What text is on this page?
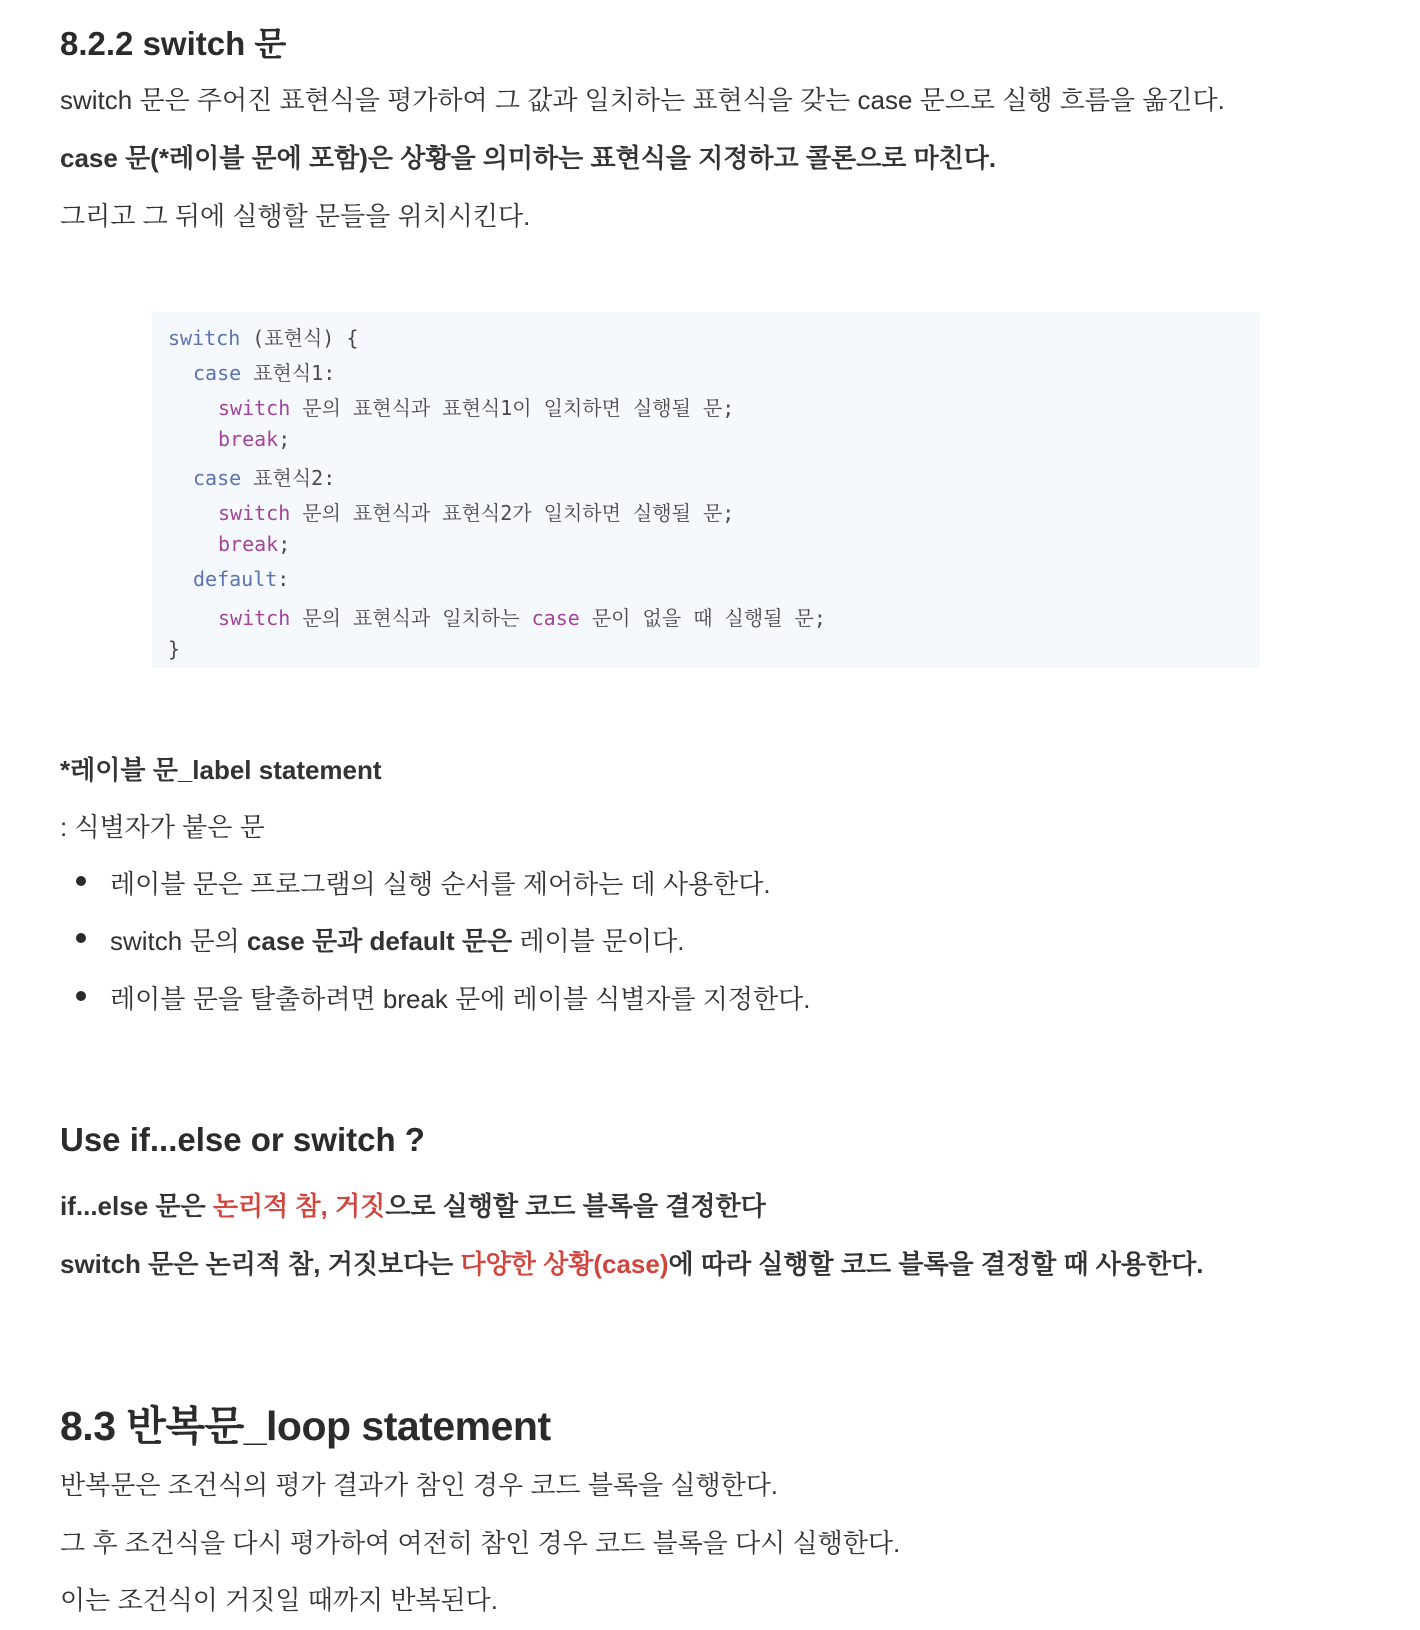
8.2.2 switch 문
switch 문은 주어진 표현식을 평가하여 그 값과 일치하는 표현식을 갖는 case 문으로 실행 흐름을 옮긴다.
case 문(*레이블 문에 포함)은 상황을 의미하는 표현식을 지정하고 콜론으로 마친다.
그리고 그 뒤에 실행할 문들을 위치시킨다.
switch (표현식) {
case 표현식1:
switch 문의 표현식과 표현식1이 일치하면 실행될 문;
break;
case 표현식2:
switch 문의 표현식과 표현식2가 일치하면 실행될 문;
break;
default:
switch 문의 표현식과 일치하는 case 문이 없을 때 실행될 문;
}
*레이블 문_label statement
: 식별자가 붙은 문
레이블 문은 프로그램의 실행 순서를 제어하는 데 사용한다.
switch 문의 case 문과 default 문은 레이블 문이다.
레이블 문을 탈출하려면 break 문에 레이블 식별자를 지정한다.
Use if...else or switch ?
if...else 문은 논리적 참, 거짓으로 실행할 코드 블록을 결정한다
switch 문은 논리적 참, 거짓보다는 다양한 상황(case)에 따라 실행할 코드 블록을 결정할 때 사용한다.
8.3 반복문_loop statement
반복문은 조건식의 평가 결과가 참인 경우 코드 블록을 실행한다.
그 후 조건식을 다시 평가하여 여전히 참인 경우 코드 블록을 다시 실행한다.
이는 조건식이 거짓일 때까지 반복된다.
